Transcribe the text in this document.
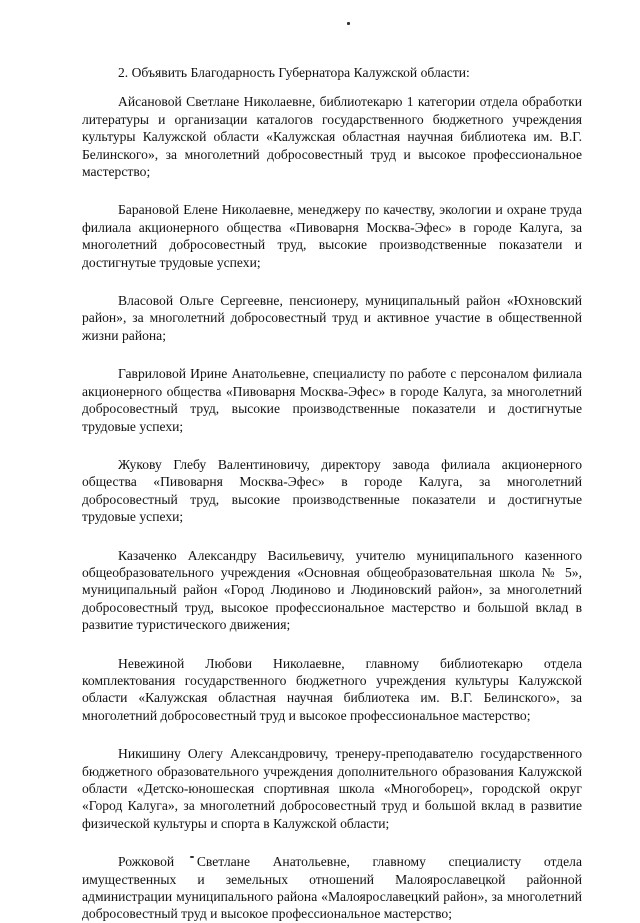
2. Объявить Благодарность Губернатора Калужской области:

Айсановой Светлане Николаевне, библиотекарю 1 категории отдела обработки литературы и организации каталогов государственного бюджетного учреждения культуры Калужской области «Калужская областная научная библиотека им. В.Г. Белинского», за многолетний добросовестный труд и высокое профессиональное мастерство;

Барановой Елене Николаевне, менеджеру по качеству, экологии и охране труда филиала акционерного общества «Пивоварня Москва-Эфес» в городе Калуга, за многолетний добросовестный труд, высокие производственные показатели и достигнутые трудовые успехи;

Власовой Ольге Сергеевне, пенсионеру, муниципальный район «Юхновский район», за многолетний добросовестный труд и активное участие в общественной жизни района;

Гавриловой Ирине Анатольевне, специалисту по работе с персоналом филиала акционерного общества «Пивоварня Москва-Эфес» в городе Калуга, за многолетний добросовестный труд, высокие производственные показатели и достигнутые трудовые успехи;

Жукову Глебу Валентиновичу, директору завода филиала акционерного общества «Пивоварня Москва-Эфес» в городе Калуга, за многолетний добросовестный труд, высокие производственные показатели и достигнутые трудовые успехи;

Казаченко Александру Васильевичу, учителю муниципального казенного общеобразовательного учреждения «Основная общеобразовательная школа № 5», муниципальный район «Город Людиново и Людиновский район», за многолетний добросовестный труд, высокое профессиональное мастерство и большой вклад в развитие туристического движения;

Невежиной Любови Николаевне, главному библиотекарю отдела комплектования государственного бюджетного учреждения культуры Калужской области «Калужская областная научная библиотека им. В.Г. Белинского», за многолетний добросовестный труд и высокое профессиональное мастерство;

Никишину Олегу Александровичу, тренеру-преподавателю государственного бюджетного образовательного учреждения дополнительного образования Калужской области «Детско-юношеская спортивная школа «Многоборец», городской округ «Город Калуга», за многолетний добросовестный труд и большой вклад в развитие физической культуры и спорта в Калужской области;

Рожковой Светлане Анатольевне, главному специалисту отдела имущественных и земельных отношений Малоярославецкой районной администрации муниципального района «Малоярославецкий район», за многолетний добросовестный труд и высокое профессиональное мастерство;
